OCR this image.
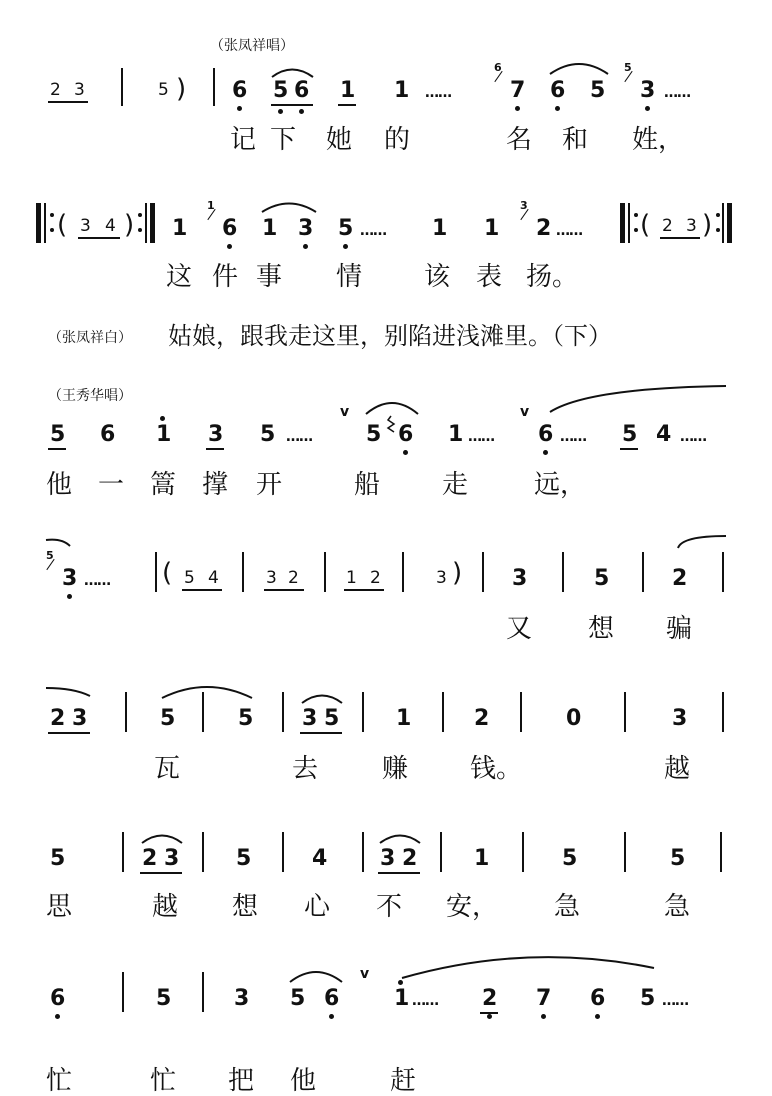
（张凤祥唱）
2 3	5 ) 6 5 6 1 1 ……
6
7 6 5
5
3 ……
记 下 她 的	名 和 姓，
( 3 4 ) 1
1
6 1 3 5 …… 1 1
3
2 …… ( 2 3 )
这 件 事 情 该 表 扬。
（张凤祥白） 姑娘，跟我走这里，别陷进浅滩里。（下）
（王秀华唱）
5 6 1 3 5 ……
v
5 6 1 ……
v
6 …… 5 4 ……
他 一 篙 撑 开	船 走	远，
5
3 …… ( 5 4	3 2	1 2	3 ) 3	5	2
又 想 骗
2 3	5	5 3 5	1	2	0	3
瓦	去 赚 钱。	越
5	2 3	5	4 3 2	1	5	5
思	越 想 心 不 安， 急	急
6	5	3 5 6
v
1 …… 2 7 6 5 ……
忙	忙 把 他	赶
